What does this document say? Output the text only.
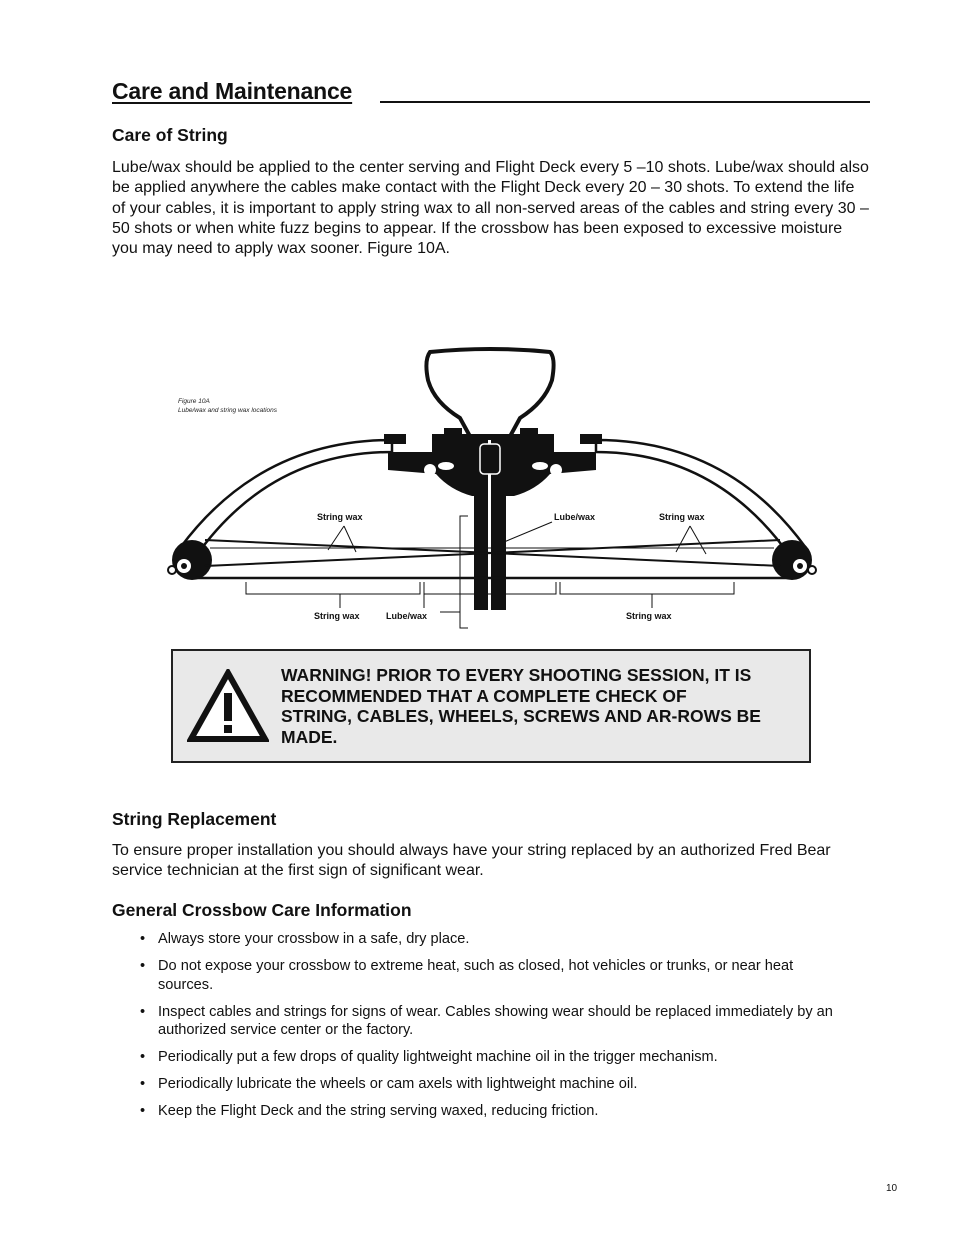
Care and Maintenance
Care of String

Lube/wax should be applied to the center serving and Flight Deck every 5 –10 shots. Lube/wax should also be applied anywhere the cables make contact with the Flight Deck every 20 – 30 shots. To extend the life of your cables, it is important to apply string wax to all non-served areas of the cables and string every 30 – 50 shots or when white fuzz begins to appear. If the crossbow has been exposed to excessive moisture you may need to apply wax sooner. Figure 10A.

Figure 10A
Lube/wax and string wax locations
String wax	Lube/wax	String wax
String wax	Lube/wax	String wax
WARNING! PRIOR TO EVERY SHOOTING SESSION, IT IS RECOMMENDED THAT A COMPLETE CHECK OF STRING, CABLES, WHEELS, SCREWS AND AR-ROWS BE MADE.
String Replacement

To ensure proper installation you should always have your string replaced by an authorized Fred Bear service technician at the first sign of significant wear.

General Crossbow Care Information
• Always store your crossbow in a safe, dry place.
• Do not expose your crossbow to extreme heat, such as closed, hot vehicles or trunks, or near heat sources.
• Inspect cables and strings for signs of wear. Cables showing wear should be replaced immediately by an authorized service center or the factory.
• Periodically put a few drops of quality lightweight machine oil in the trigger mechanism.
• Periodically lubricate the wheels or cam axels with lightweight machine oil.
• Keep the Flight Deck and the string serving waxed, reducing friction.
10
